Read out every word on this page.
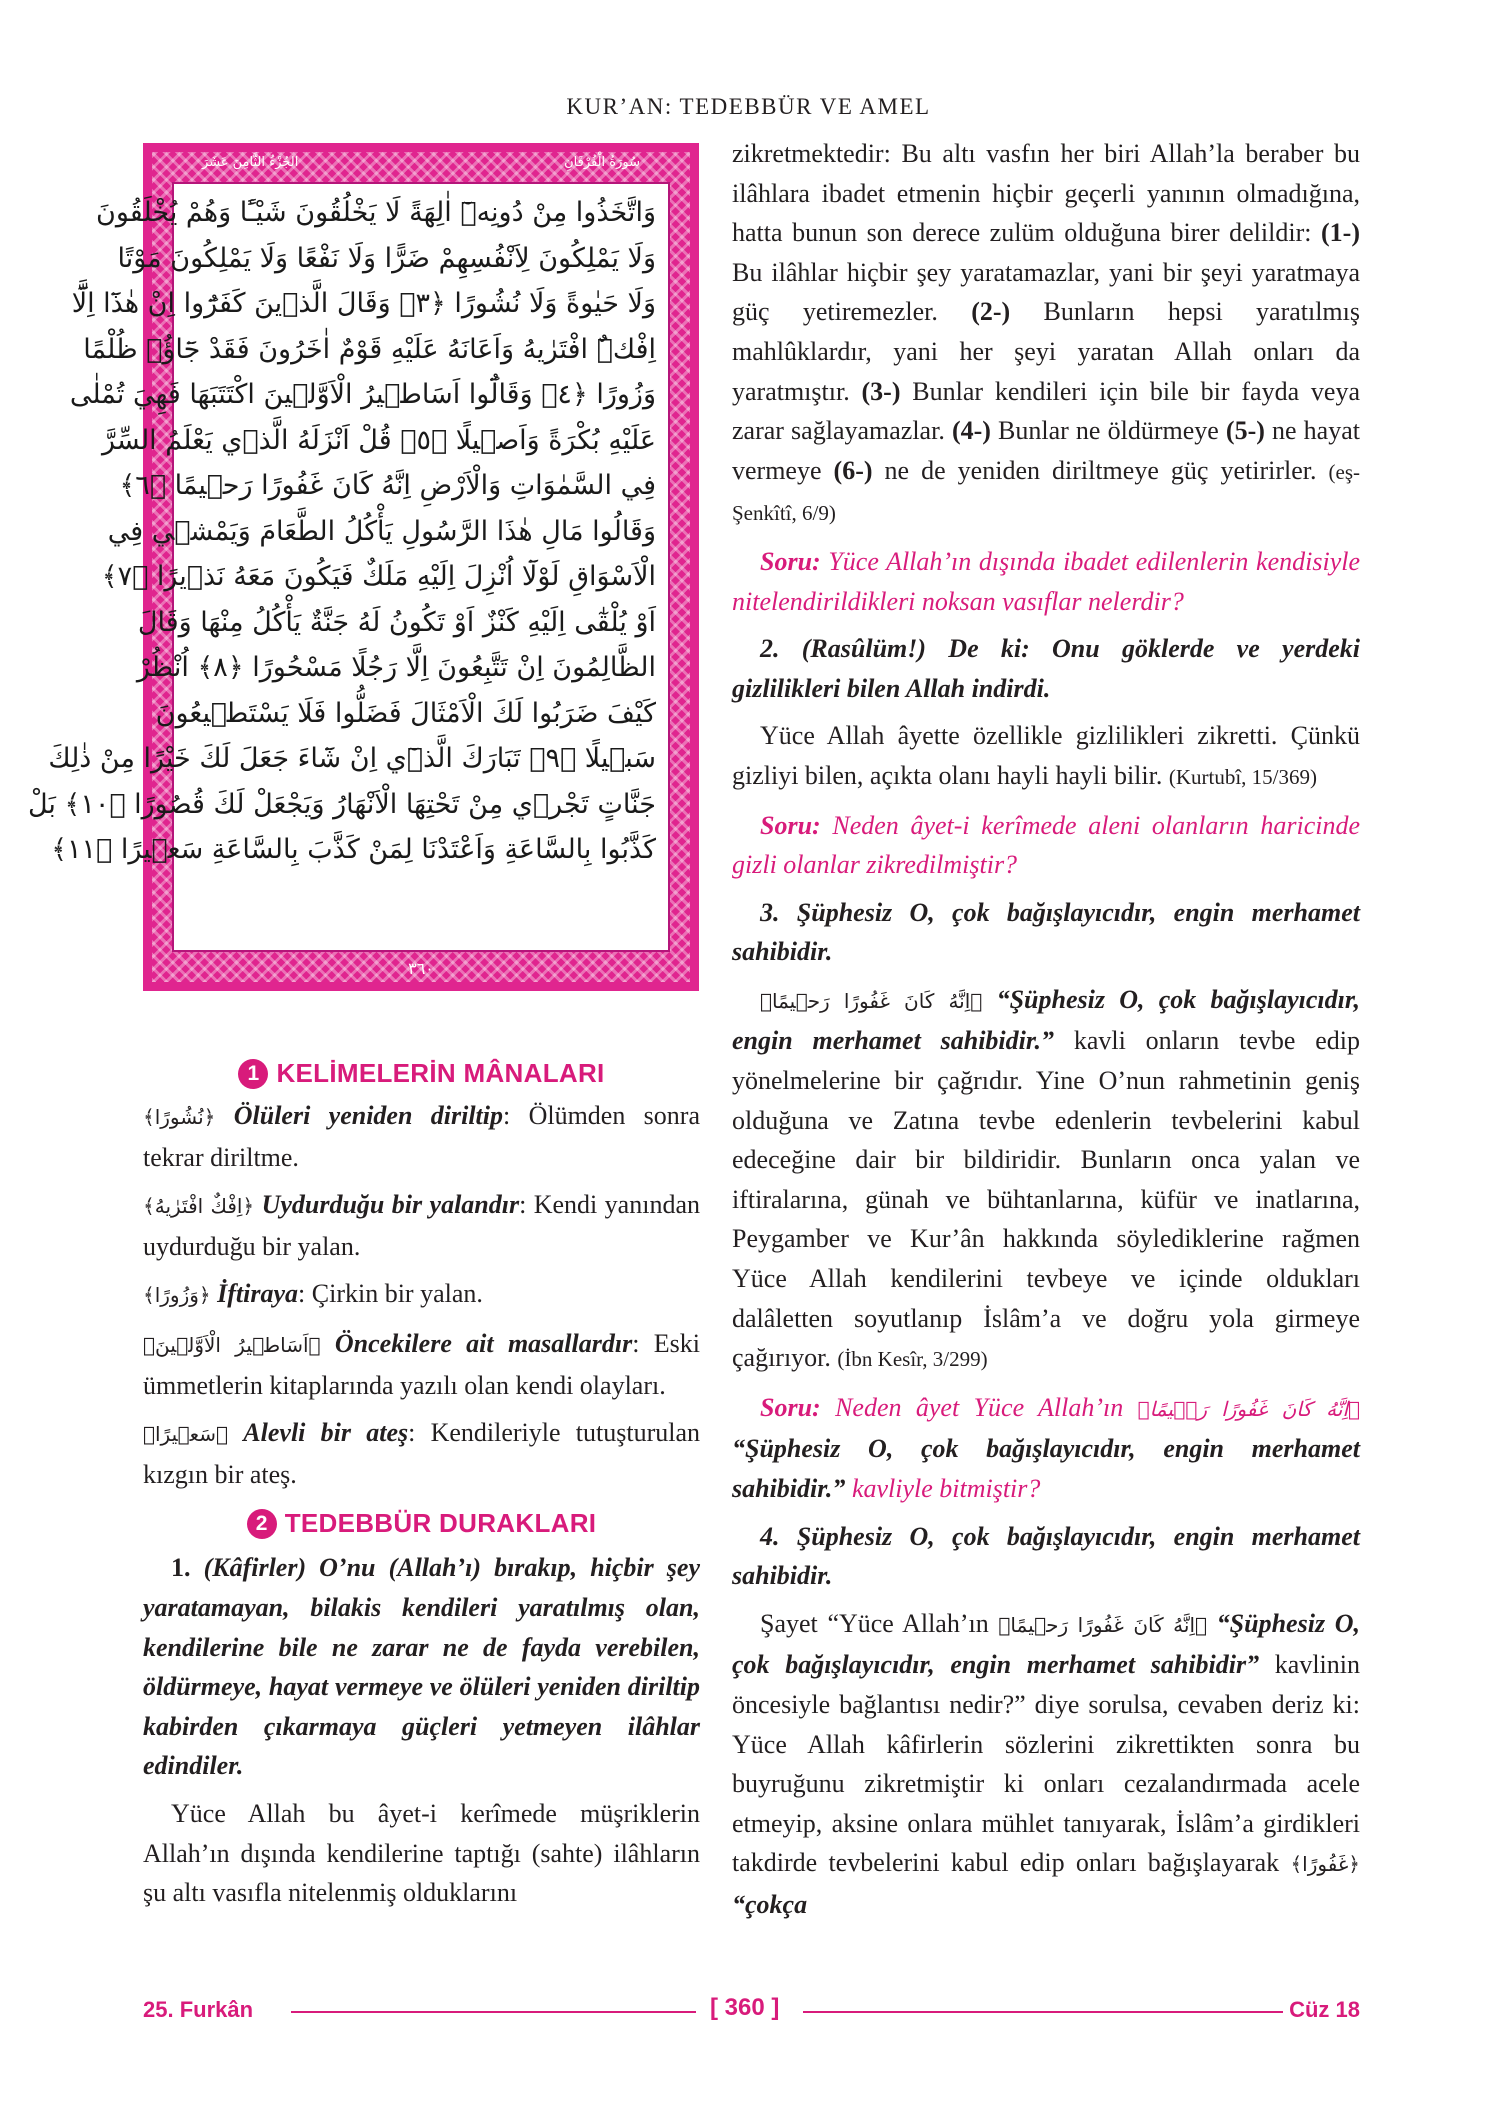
KUR’AN: TEDEBBÜR VE AMEL
الجُزْءُ الثَّامِنَ عَشَرَ	سُورَةُ الْفُرْقَانِ
وَاتَّخَذُوا مِنْ دُونِه۪ٓ اٰلِهَةً لَا يَخْلُقُونَ شَيْـًٔا وَهُمْ يُخْلَقُونَ
وَلَا يَمْلِكُونَ لِاَنْفُسِهِمْ ضَرًّا وَلَا نَفْعًا وَلَا يَمْلِكُونَ مَوْتًا
وَلَا حَيٰوةً وَلَا نُشُورًا ﴿٣﴾ وَقَالَ الَّذ۪ينَ كَفَرُٓوا اِنْ هٰذَٓا اِلَّٓا
اِفْكٌۨ افْتَرٰيهُ وَاَعَانَهُ عَلَيْهِ قَوْمٌ اٰخَرُونَ فَقَدْ جَٓاؤُ۫ ظُلْمًا
وَزُورًا ﴿٤﴾ وَقَالُٓوا اَسَاط۪يرُ الْاَوَّل۪ينَ اكْتَتَبَهَا فَهِيَ تُمْلٰى
عَلَيْهِ بُكْرَةً وَاَص۪يلًا ﴿٥﴾ قُلْ اَنْزَلَهُ الَّذ۪ي يَعْلَمُ السِّرَّ
فِي السَّمٰوَاتِ وَالْاَرْضِ اِنَّهُ كَانَ غَفُورًا رَح۪يمًا ﴿٦﴾
وَقَالُوا مَالِ هٰذَا الرَّسُولِ يَأْكُلُ الطَّعَامَ وَيَمْش۪ي فِي
الْاَسْوَاقِ لَوْلَٓا اُنْزِلَ اِلَيْهِ مَلَكٌ فَيَكُونَ مَعَهُ نَذ۪يرًا ﴿٧﴾
اَوْ يُلْقٰٓى اِلَيْهِ كَنْزٌ اَوْ تَكُونُ لَهُ جَنَّةٌ يَأْكُلُ مِنْهَا وَقَالَ
الظَّالِمُونَ اِنْ تَتَّبِعُونَ اِلَّا رَجُلًا مَسْحُورًا ﴿٨﴾ اُنْظُرْ
كَيْفَ ضَرَبُوا لَكَ الْاَمْثَالَ فَضَلُّوا فَلَا يَسْتَط۪يعُونَ
سَب۪يلًا ﴿٩﴾ تَبَارَكَ الَّذ۪ٓي اِنْ شَٓاءَ جَعَلَ لَكَ خَيْرًا مِنْ ذٰلِكَ
جَنَّاتٍ تَجْر۪ي مِنْ تَحْتِهَا الْاَنْهَارُ وَيَجْعَلْ لَكَ قُصُورًا ﴿١٠﴾ بَلْ
كَذَّبُوا بِالسَّاعَةِ وَاَعْتَدْنَا لِمَنْ كَذَّبَ بِالسَّاعَةِ سَع۪يرًا ﴿١١﴾
٣٦٠
1 KELİMELERİN MÂNALARI

﴿نُشُورًا﴾ Ölüleri yeniden diriltip: Ölümden sonra tekrar diriltme.

﴿اِفْكٌ افْتَرٰيهُ﴾ Uydurduğu bir yalandır: Kendi yanından uydurduğu bir yalan.

﴿وَزُورًا﴾ İftiraya: Çirkin bir yalan.

﴿اَسَاط۪يرُ الْاَوَّل۪ينَ﴾ Öncekilere ait masallardır: Eski ümmetlerin kitaplarında yazılı olan kendi olayları.

﴿سَع۪يرًا﴾ Alevli bir ateş: Kendileriyle tutuşturulan kızgın bir ateş.

2 TEDEBBÜR DURAKLARI

1. (Kâfirler) O’nu (Allah’ı) bırakıp, hiçbir şey yaratamayan, bilakis kendileri yaratılmış olan, kendilerine bile ne zarar ne de fayda verebilen, öldürmeye, hayat vermeye ve ölüleri yeniden diriltip kabirden çıkarmaya güçleri yetmeyen ilâhlar edindiler.

Yüce Allah bu âyet-i kerîmede müşriklerin Allah’ın dışında kendilerine taptığı (sahte) ilâhların şu altı vasıfla nitelenmiş olduklarını

zikretmektedir: Bu altı vasfın her biri Allah’la beraber bu ilâhlara ibadet etmenin hiçbir geçerli yanının olmadığına, hatta bunun son derece zulüm olduğuna birer delildir: (1-) Bu ilâhlar hiçbir şey yaratamazlar, yani bir şeyi yaratmaya güç yetiremezler. (2-) Bunların hepsi yaratılmış mahlûklardır, yani her şeyi yaratan Allah onları da yaratmıştır. (3-) Bunlar kendileri için bile bir fayda veya zarar sağlayamazlar. (4-) Bunlar ne öldürmeye (5-) ne hayat vermeye (6-) ne de yeniden diriltmeye güç yetirirler. (eş-Şenkîtî, 6/9)

Soru: Yüce Allah’ın dışında ibadet edilenlerin kendisiyle nitelendirildikleri noksan vasıflar nelerdir?

2. (Rasûlüm!) De ki: Onu göklerde ve yerdeki gizlilikleri bilen Allah indirdi.

Yüce Allah âyette özellikle gizlilikleri zikretti. Çünkü gizliyi bilen, açıkta olanı hayli hayli bilir. (Kurtubî, 15/369)

Soru: Neden âyet-i kerîmede aleni olanların haricinde gizli olanlar zikredilmiştir?

3. Şüphesiz O, çok bağışlayıcıdır, engin merhamet sahibidir.

﴿اِنَّهُ كَانَ غَفُورًا رَح۪يمًا﴾ “Şüphesiz O, çok bağışlayıcıdır, engin merhamet sahibidir.” kavli onların tevbe edip yönelmelerine bir çağrıdır. Yine O’nun rahmetinin geniş olduğuna ve Zatına tevbe edenlerin tevbelerini kabul edeceğine dair bir bildiridir. Bunların onca yalan ve iftiralarına, günah ve bühtanlarına, küfür ve inatlarına, Peygamber ve Kur’ân hakkında söylediklerine rağmen Yüce Allah kendilerini tevbeye ve içinde oldukları dalâletten soyutlanıp İslâm’a ve doğru yola girmeye çağırıyor. (İbn Kesîr, 3/299)

Soru: Neden âyet Yüce Allah’ın ﴿اِنَّهُ كَانَ غَفُورًا رَح۪يمًا﴾ “Şüphesiz O, çok bağışlayıcıdır, engin merhamet sahibidir.” kavliyle bitmiştir?

4. Şüphesiz O, çok bağışlayıcıdır, engin merhamet sahibidir.

Şayet “Yüce Allah’ın ﴿اِنَّهُ كَانَ غَفُورًا رَح۪يمًا﴾ “Şüphesiz O, çok bağışlayıcıdır, engin merhamet sahibidir” kavlinin öncesiyle bağlantısı nedir?” diye sorulsa, cevaben deriz ki: Yüce Allah kâfirlerin sözlerini zikrettikten sonra bu buyruğunu zikretmiştir ki onları cezalandırmada acele etmeyip, aksine onlara mühlet tanıyarak, İslâm’a girdikleri takdirde tevbelerini kabul edip onları bağışlayarak ﴿غَفُورًا﴾ “çokça

25. Furkân	[ 360 ]	Cüz 18
